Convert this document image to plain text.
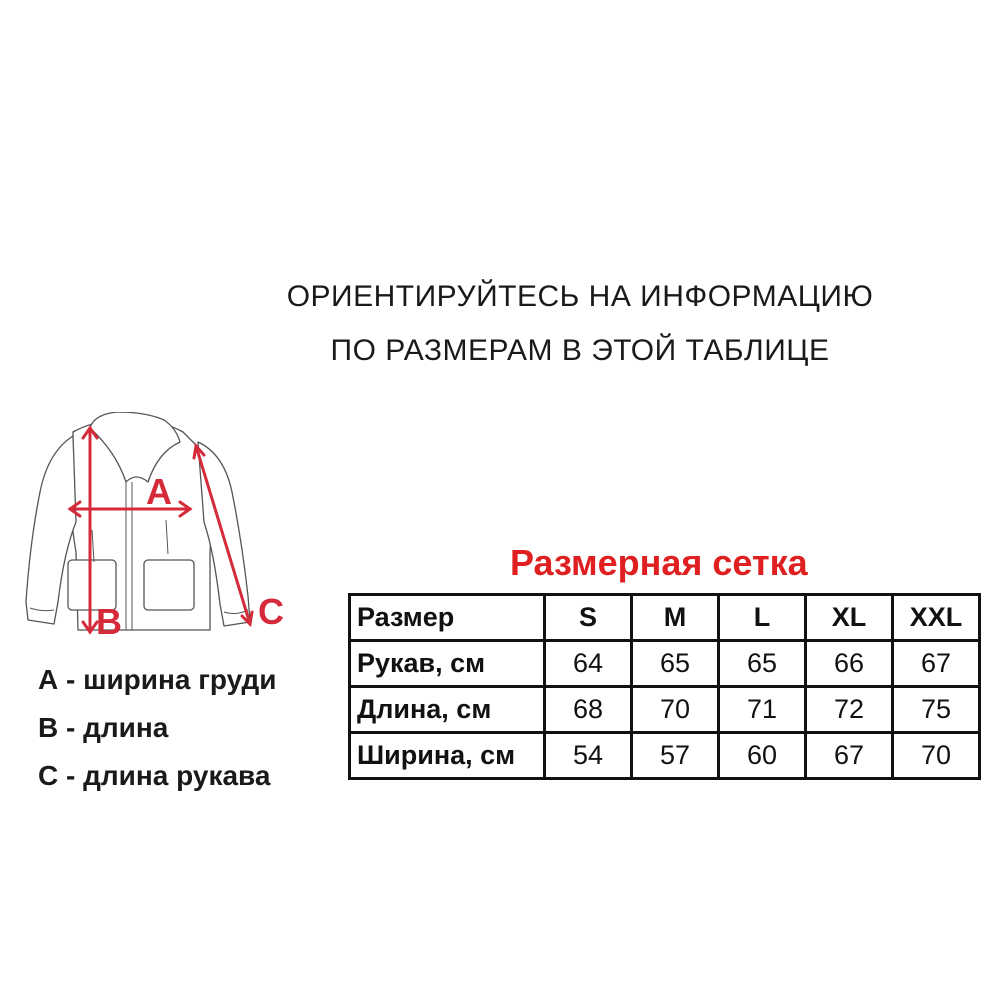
ОРИЕНТИРУЙТЕСЬ НА ИНФОРМАЦИЮ
ПО РАЗМЕРАМ В ЭТОЙ ТАБЛИЦЕ
A
B	C
А - ширина груди
В - длина
С - длина рукава
Размерная сетка
Размер	S	M	L	XL	XXL
Рукав, см	64	65	65	66	67
Длина, см	68	70	71	72	75
Ширина, см	54	57	60	67	70
